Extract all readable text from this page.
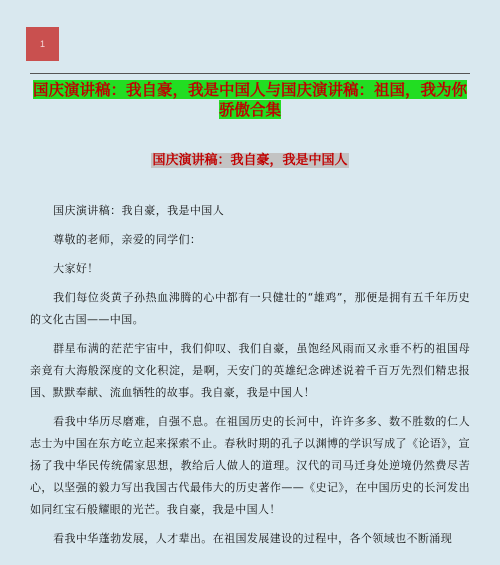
1
国庆演讲稿：我自豪，我是中国人与国庆演讲稿：祖国，我为你骄傲合集
国庆演讲稿：我自豪，我是中国人

国庆演讲稿：我自豪，我是中国人

尊敬的老师，亲爱的同学们：

大家好！

我们每位炎黄子孙热血沸腾的心中都有一只健壮的“雄鸡”，那便是拥有五千年历史的文化古国——中国。

群星布满的茫茫宇宙中，我们仰叹、我们自豪，虽饱经风雨而又永垂不朽的祖国母亲竟有大海般深度的文化积淀，是啊，天安门的英雄纪念碑述说着千百万先烈们精忠报国、默默奉献、流血牺牲的故事。我自豪，我是中国人！

看我中华历尽磨难，自强不息。在祖国历史的长河中，许许多多、数不胜数的仁人志士为中国在东方屹立起来探索不止。春秋时期的孔子以渊博的学识写成了《论语》，宣扬了我中华民传统儒家思想，教给后人做人的道理。汉代的司马迁身处逆境仍然费尽苦心，以坚强的毅力写出我国古代最伟大的历史著作——《史记》，在中国历史的长河发出如同红宝石般耀眼的光芒。我自豪，我是中国人！

看我中华蓬勃发展，人才辈出。在祖国发展建设的过程中，各个领域也不断涌现
